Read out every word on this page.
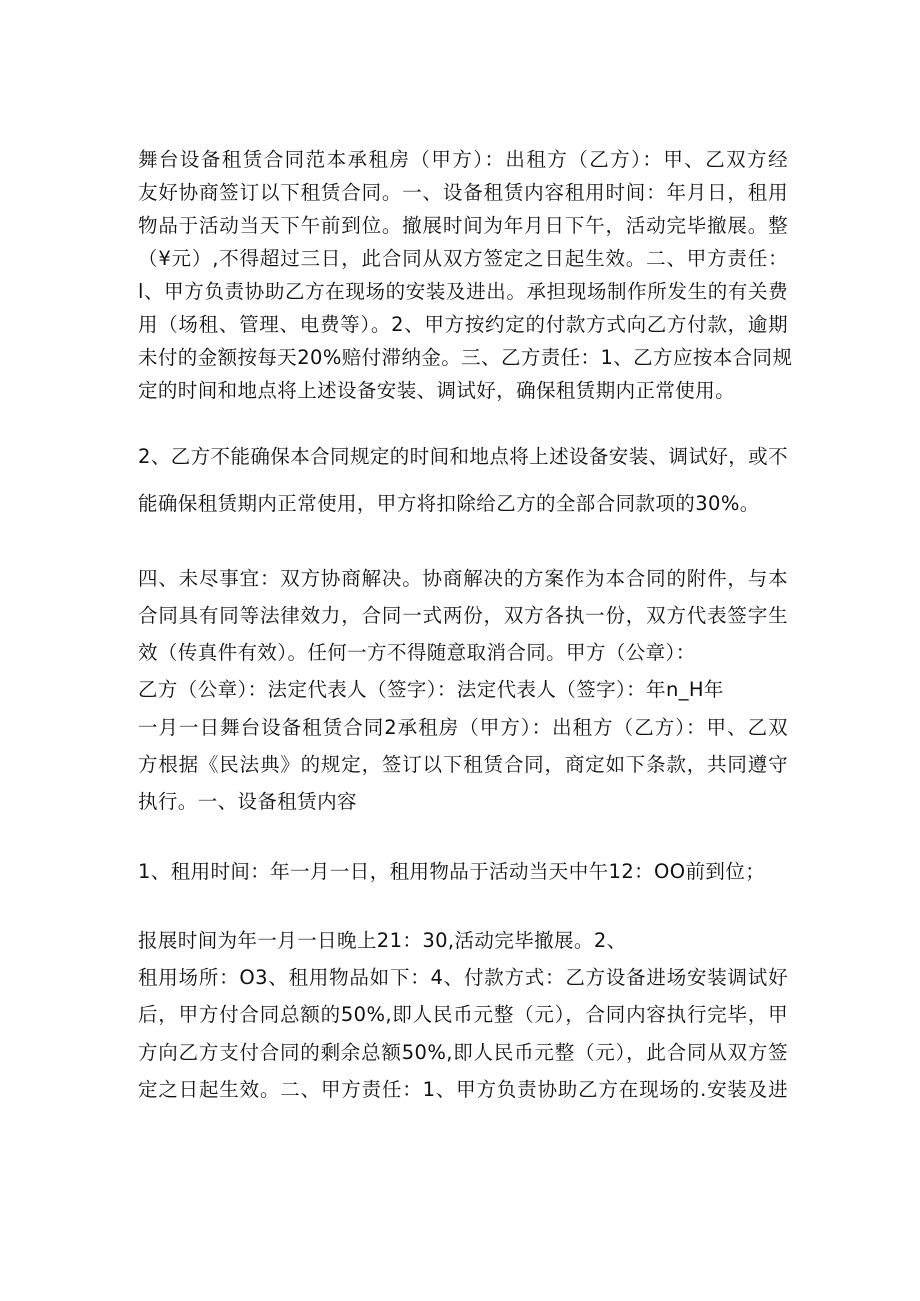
舞台设备租赁合同范本承租房（甲方）：出租方（乙方）：甲、乙双方经
友好协商签订以下租赁合同。一、设备租赁内容租用时间：年月日，租用
物品于活动当天下午前到位。撤展时间为年月日下午，活动完毕撤展。整
（¥元）,不得超过三日，此合同从双方签定之日起生效。二、甲方责任：
l、甲方负责协助乙方在现场的安装及进出。承担现场制作所发生的有关费
用（场租、管理、电费等）。2、甲方按约定的付款方式向乙方付款，逾期
未付的金额按每天20%赔付滞纳金。三、乙方责任：1、乙方应按本合同规
定的时间和地点将上述设备安装、调试好，确保租赁期内正常使用。
2、乙方不能确保本合同规定的时间和地点将上述设备安装、调试好，或不
能确保租赁期内正常使用，甲方将扣除给乙方的全部合同款项的30%。
四、未尽事宜：双方协商解决。协商解决的方案作为本合同的附件，与本
合同具有同等法律效力，合同一式两份，双方各执一份，双方代表签字生
效（传真件有效）。任何一方不得随意取消合同。甲方（公章）：
乙方（公章）：法定代表人（签字）：法定代表人（签字）：年n_H年
一月一日舞台设备租赁合同2承租房（甲方）：出租方（乙方）：甲、乙双
方根据《民法典》的规定，签订以下租赁合同，商定如下条款，共同遵守
执行。一、设备租赁内容
1、租用时间：年一月一日，租用物品于活动当天中午12：OO前到位；
报展时间为年一月一日晚上21：30,活动完毕撤展。2、
租用场所：O3、租用物品如下：4、付款方式：乙方设备进场安装调试好
后，甲方付合同总额的50%,即人民币元整（元），合同内容执行完毕，甲
方向乙方支付合同的剩余总额50%,即人民币元整（元），此合同从双方签
定之日起生效。二、甲方责任：1、甲方负责协助乙方在现场的.安装及进
